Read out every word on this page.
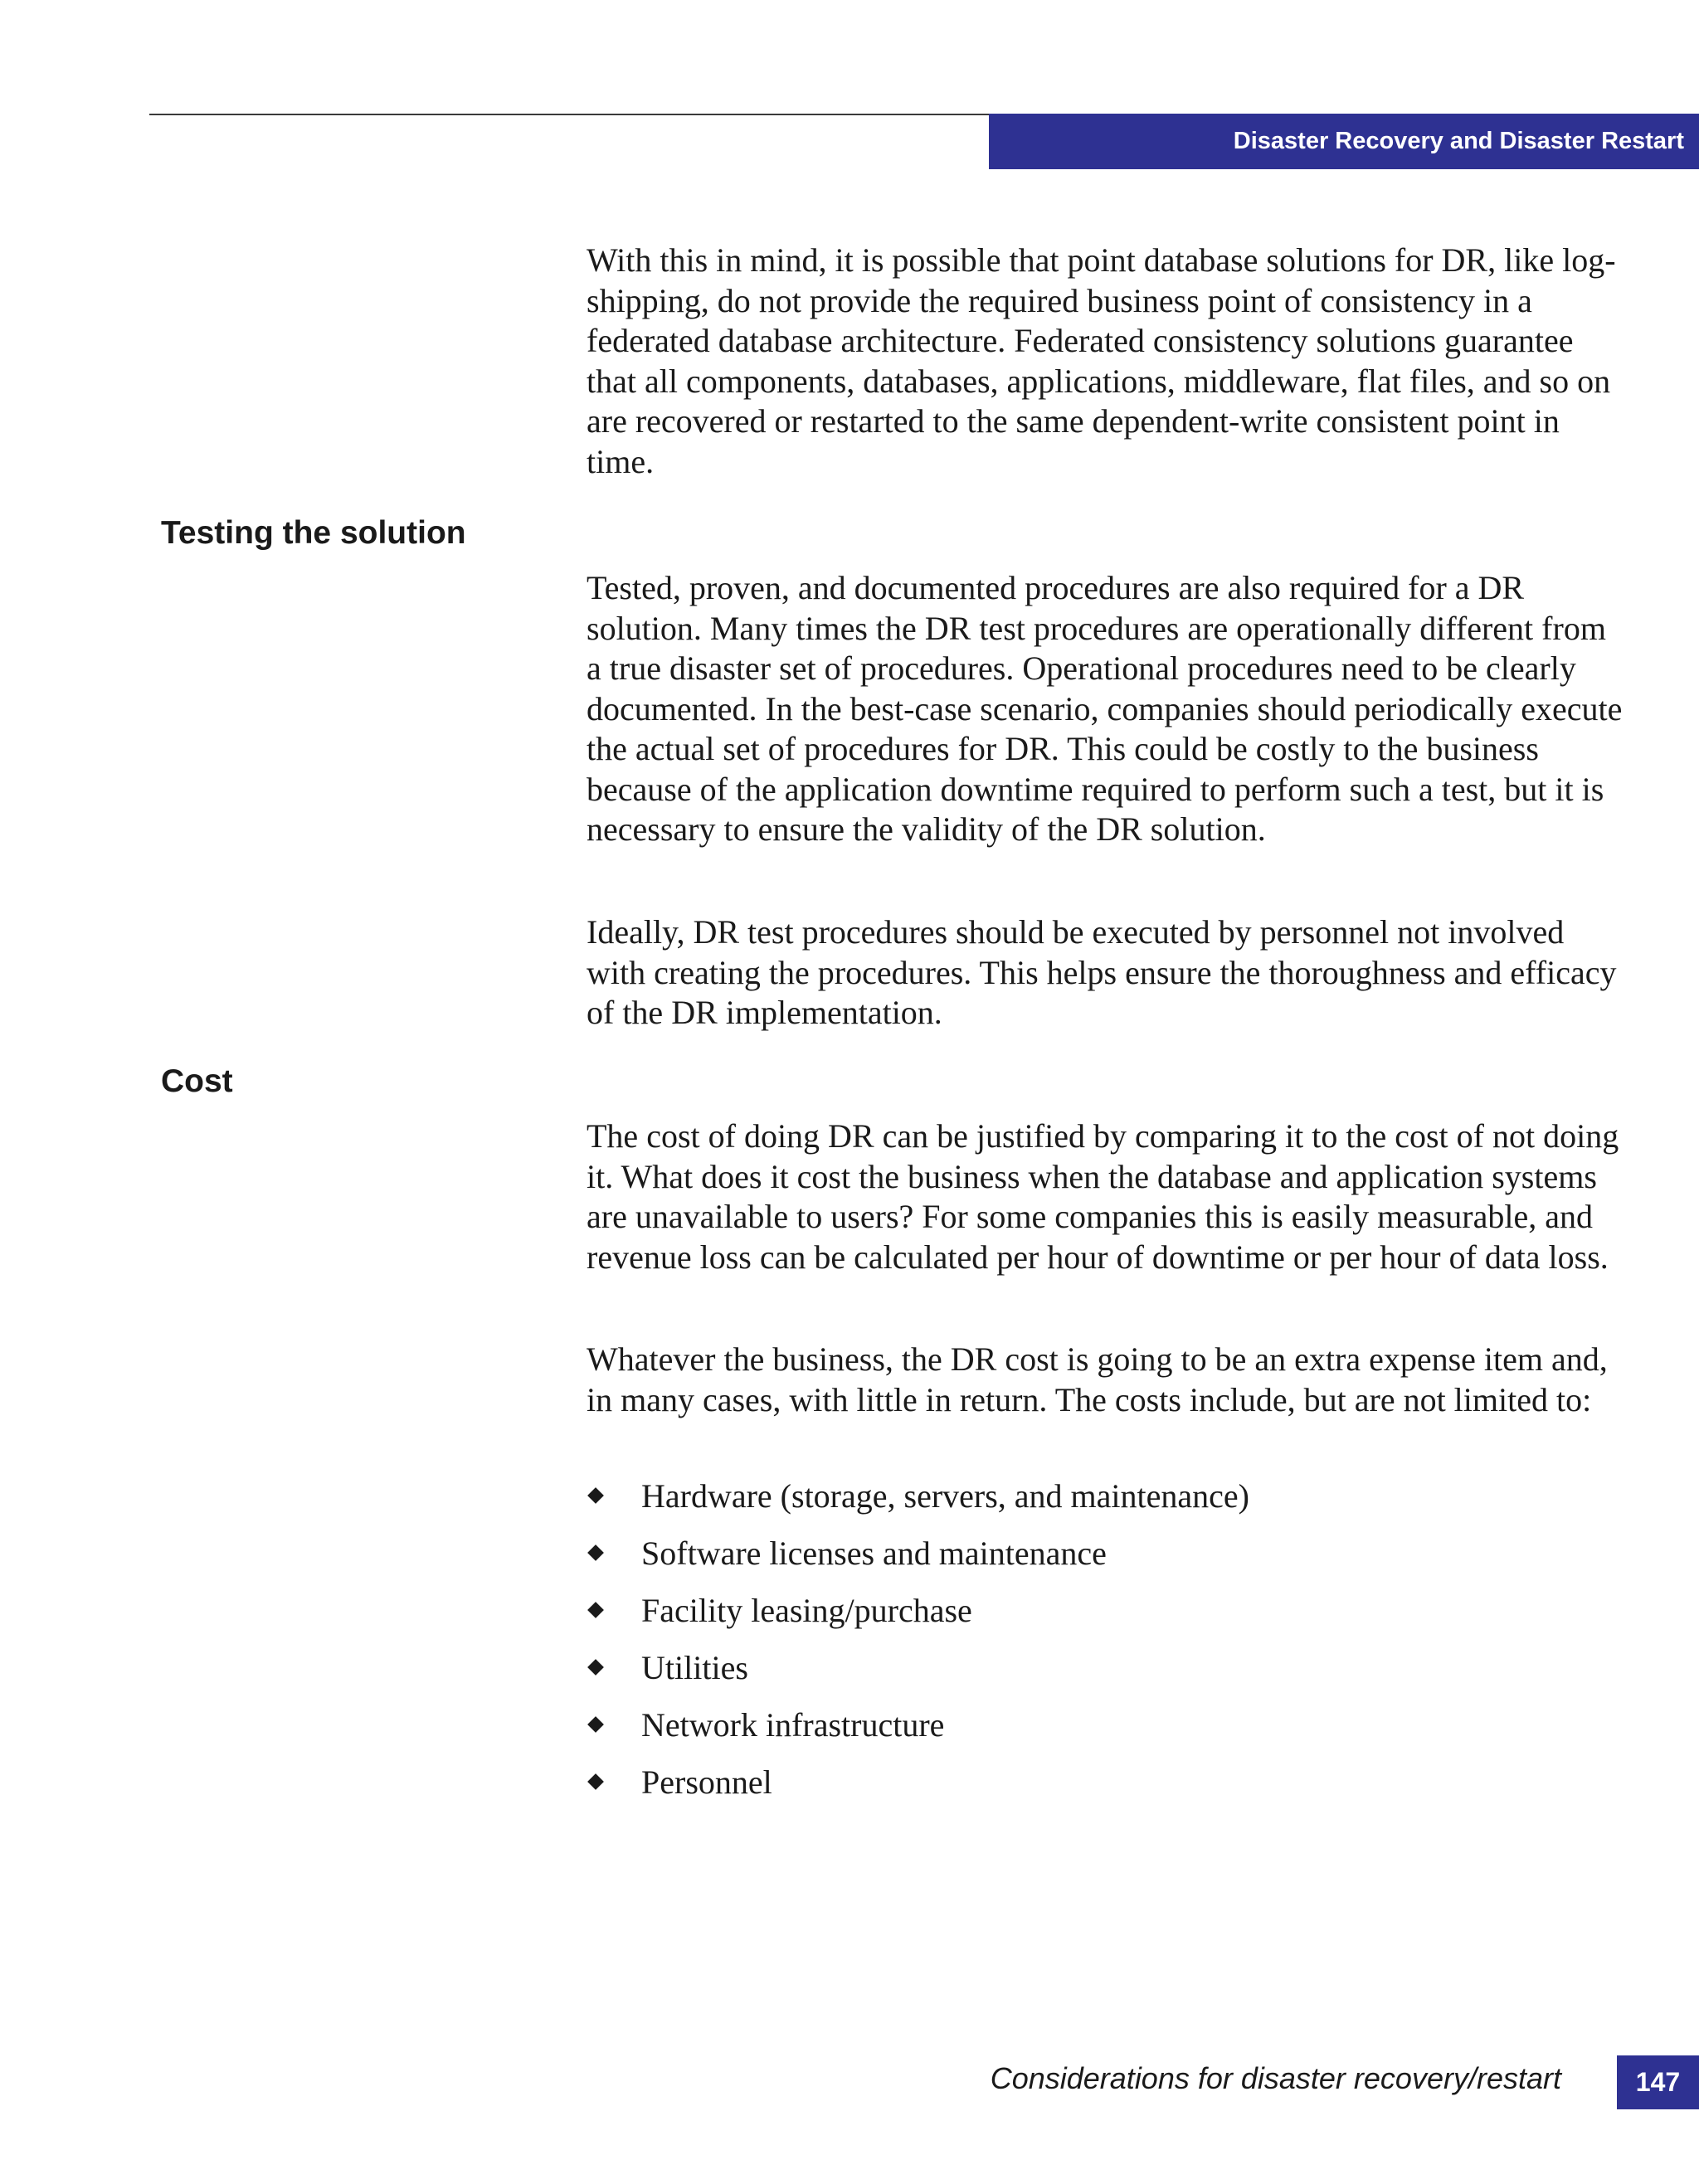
Disaster Recovery and Disaster Restart

With this in mind, it is possible that point database solutions for DR, like log-shipping, do not provide the required business point of consistency in a federated database architecture. Federated consistency solutions guarantee that all components, databases, applications, middleware, flat files, and so on are recovered or restarted to the same dependent-write consistent point in time.

Testing the solution

Tested, proven, and documented procedures are also required for a DR solution. Many times the DR test procedures are operationally different from a true disaster set of procedures. Operational procedures need to be clearly documented. In the best-case scenario, companies should periodically execute the actual set of procedures for DR. This could be costly to the business because of the application downtime required to perform such a test, but it is necessary to ensure the validity of the DR solution.

Ideally, DR test procedures should be executed by personnel not involved with creating the procedures. This helps ensure the thoroughness and efficacy of the DR implementation.

Cost

The cost of doing DR can be justified by comparing it to the cost of not doing it. What does it cost the business when the database and application systems are unavailable to users? For some companies this is easily measurable, and revenue loss can be calculated per hour of downtime or per hour of data loss.

Whatever the business, the DR cost is going to be an extra expense item and, in many cases, with little in return. The costs include, but are not limited to:

Hardware (storage, servers, and maintenance)
Software licenses and maintenance
Facility leasing/purchase
Utilities
Network infrastructure
Personnel
Considerations for disaster recovery/restart	147
